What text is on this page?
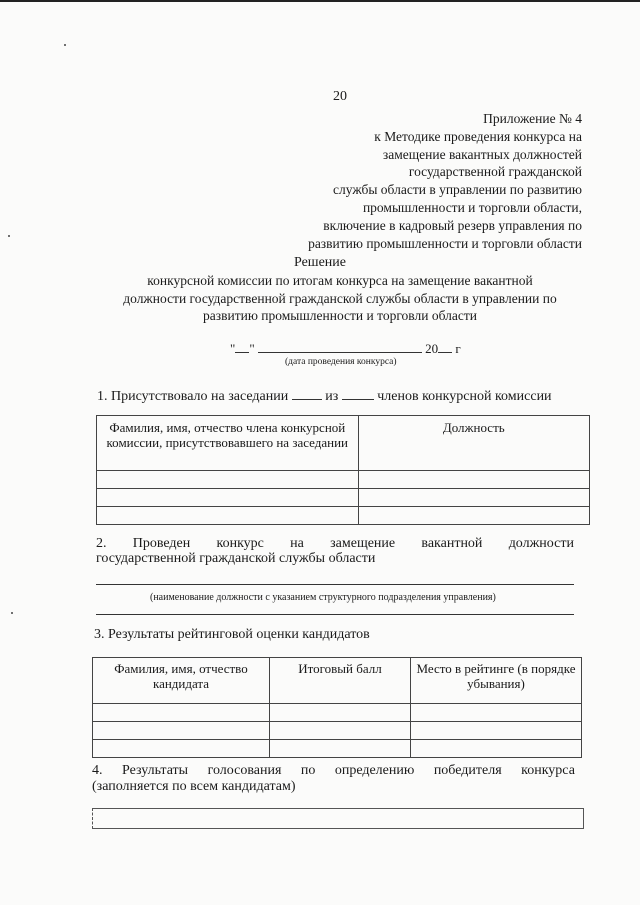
20
Приложение № 4
к Методике проведения конкурса на
замещение вакантных должностей
государственной гражданской
службы области в управлении по развитию
промышленности и торговли области,
включение в кадровый резерв управления по
развитию промышленности и торговли области
Решение
конкурсной комиссии по итогам конкурса на замещение вакантной
должности государственной гражданской службы области в управлении по
развитию промышленности и торговли области
" "	20 г
(дата проведения конкурса)
1. Присутствовало на заседании	из	членов конкурсной комиссии
Фамилия, имя, отчество члена конкурсной комиссии, присутствовавшего на заседании	Должность

2. Проведен конкурс на замещение вакантной должности
государственной гражданской службы области
(наименование должности с указанием структурного подразделения управления)
3. Результаты рейтинговой оценки кандидатов
Фамилия, имя, отчество кандидата	Итоговый балл	Место в рейтинге (в порядке убывания)

4. Результаты голосования по определению победителя конкурса
(заполняется по всем кандидатам)
